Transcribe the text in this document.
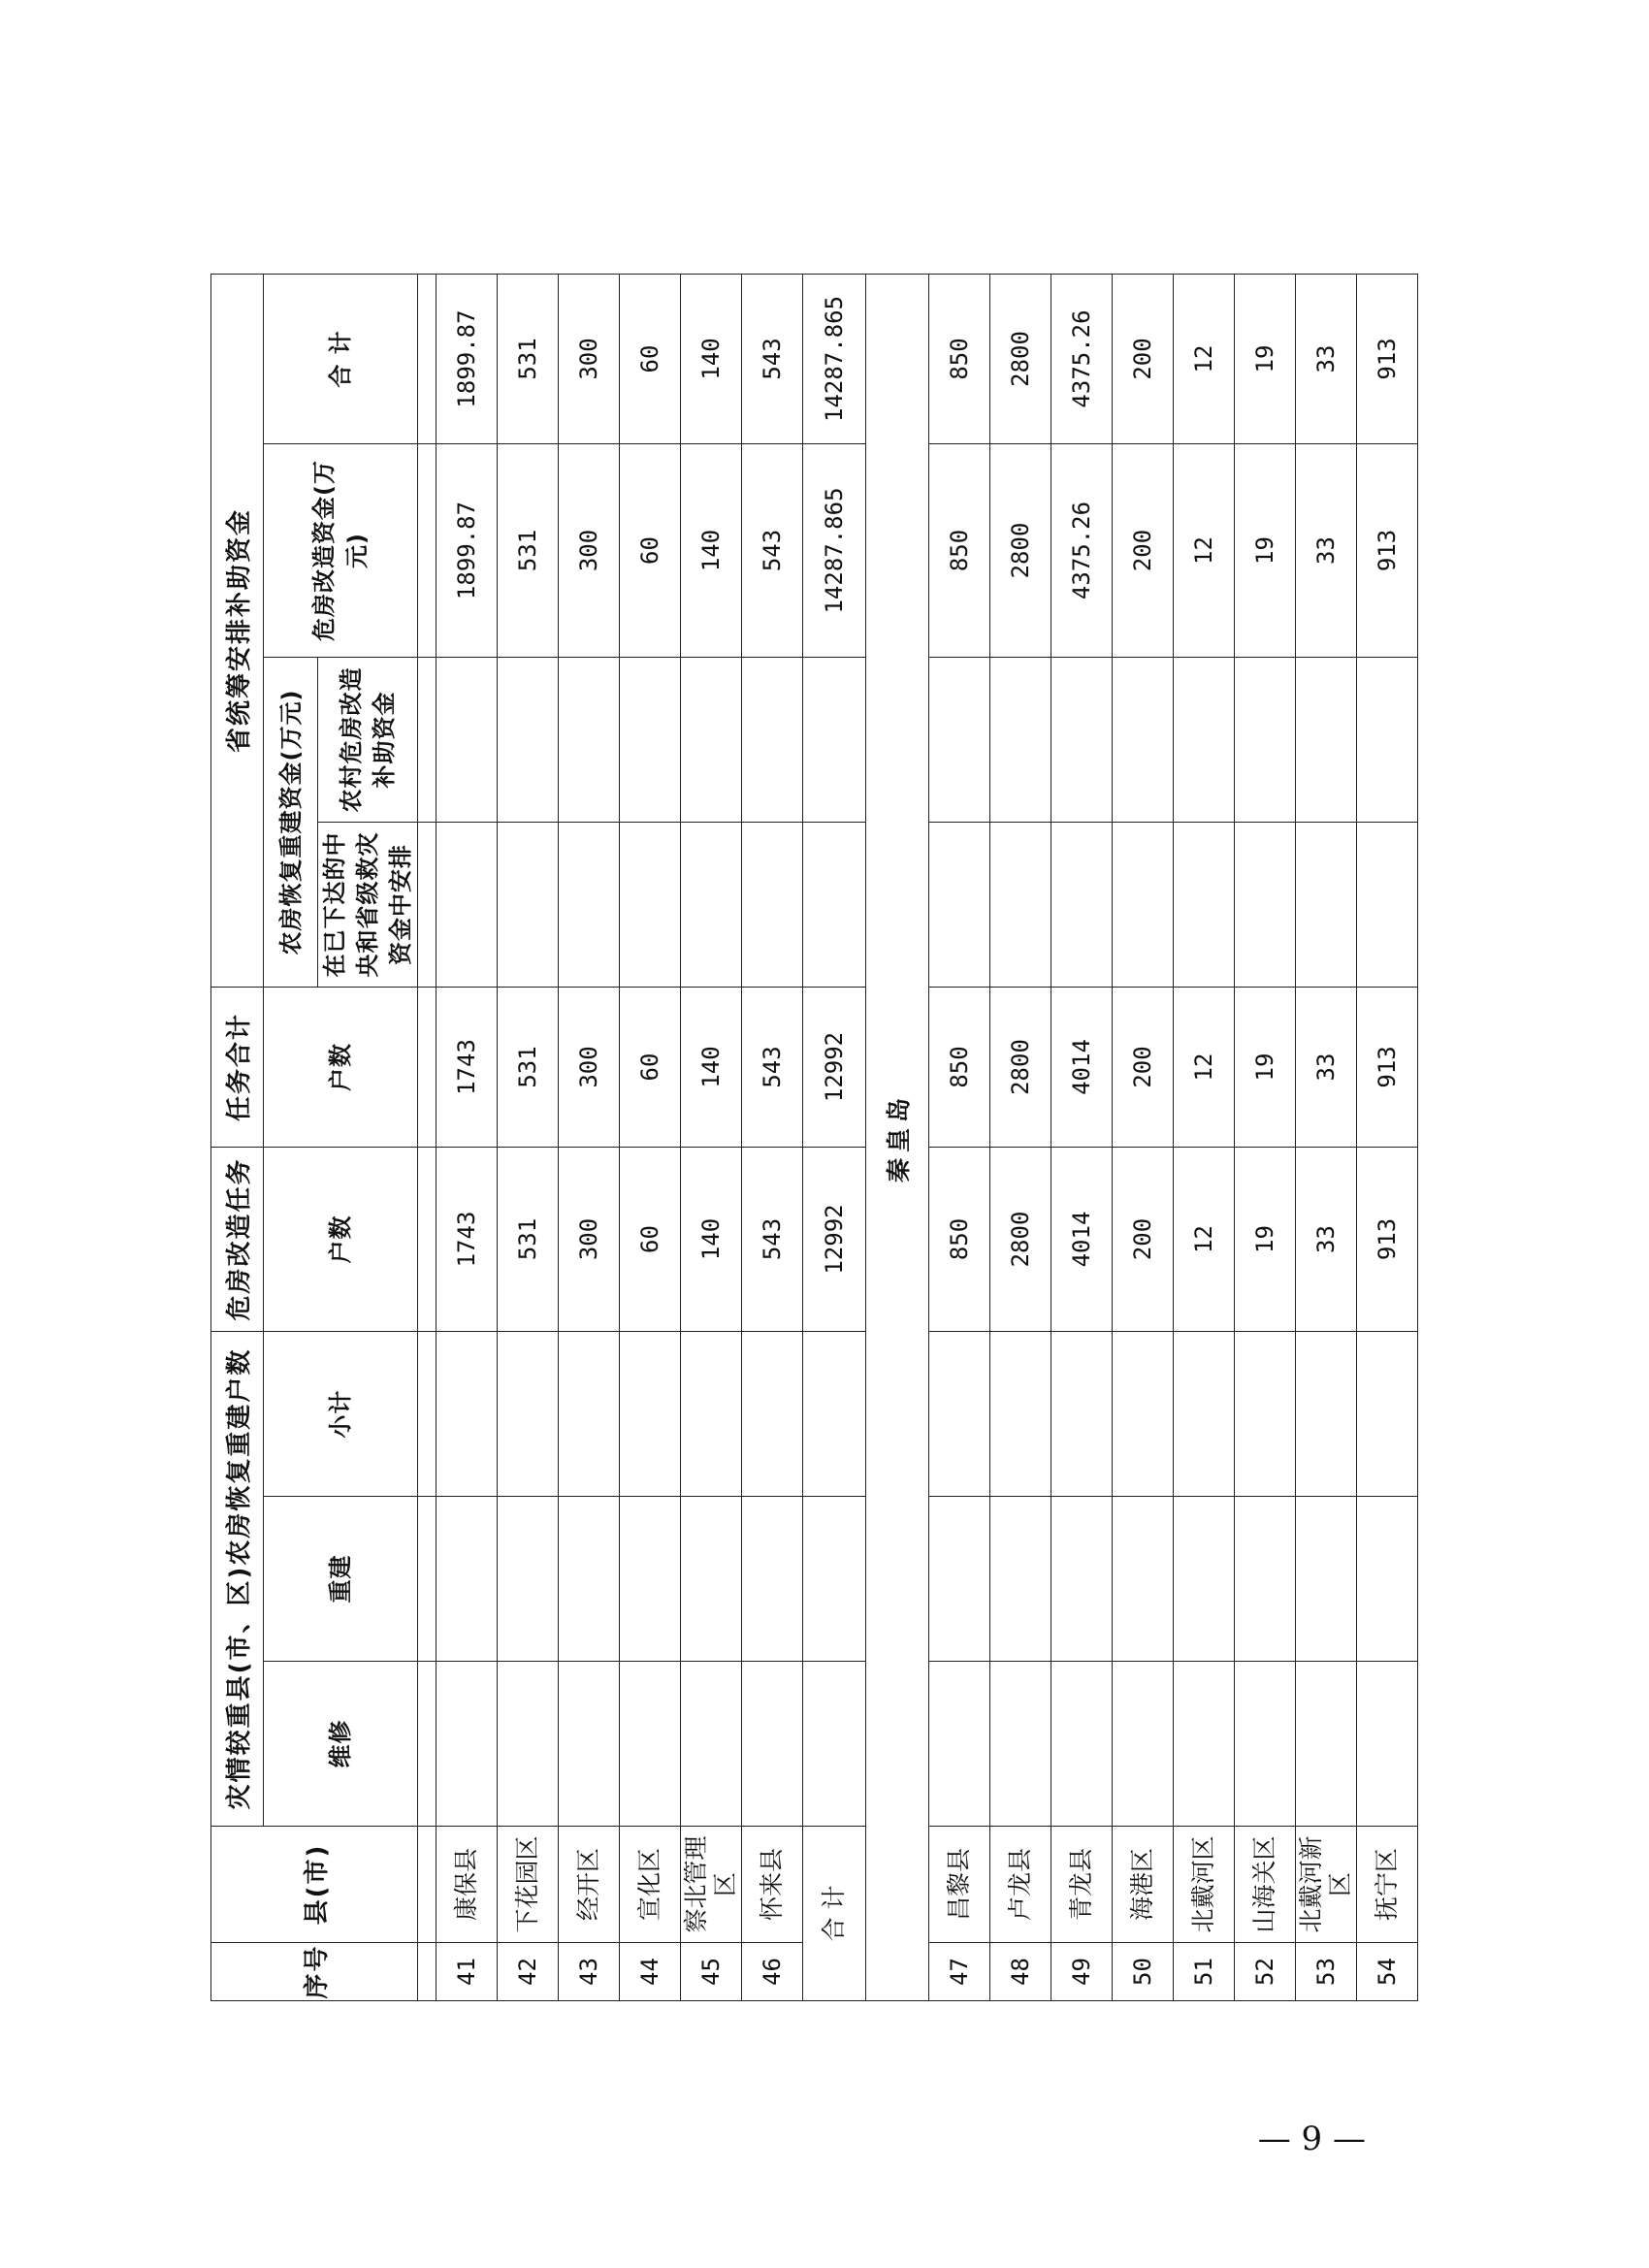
序号	县(市)	灾情较重县(市、区)农房恢复重建户数			危房改造任务	任务合计	省统筹安排补助资金			
		维修	重建	小计	户数	户数	农房恢复重建资金(万元)		危房改造资金(万元)	合 计
							在已下达的中央和省级救灾资金中安排	农村危房改造补助资金		

41	康保县				1743	1743			1899.87	1899.87
42	下花园区				531	531			531	531
43	经开区				300	300			300	300
44	宣化区				60	60			60	60
45	察北管理区				140	140			140	140
46	怀来县				543	543			543	543
合 计					12992	12992			14287.865	14287.865
秦皇岛										
47	昌黎县				850	850			850	850
48	卢龙县				2800	2800			2800	2800
49	青龙县				4014	4014			4375.26	4375.26
50	海港区				200	200			200	200
51	北戴河区				12	12			12	12
52	山海关区				19	19			19	19
53	北戴河新区				33	33			33	33
54	抚宁区				913	913			913	913
— 9 —
